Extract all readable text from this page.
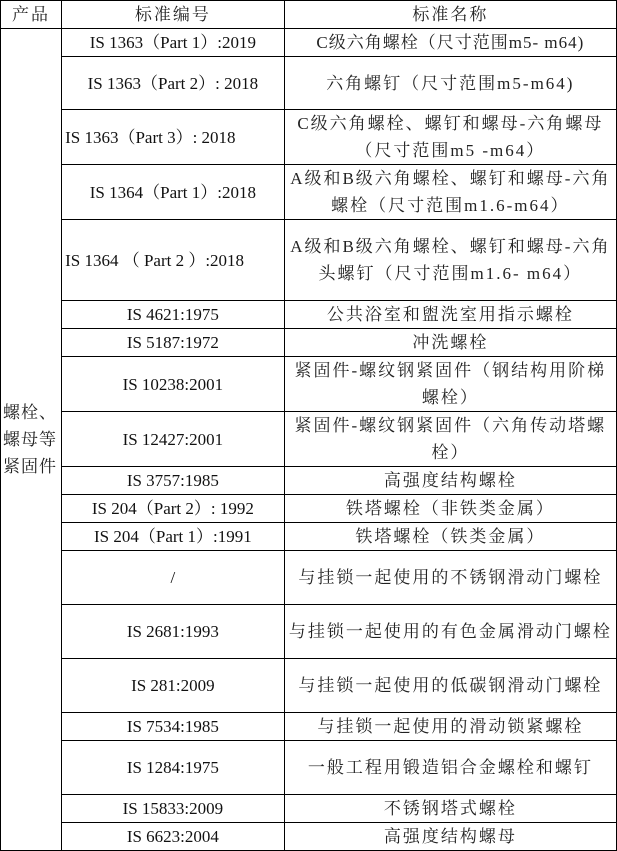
产品	标准编号	标准名称
螺栓、螺母等紧固件	IS 1363（Part 1）:2019	C级六角螺栓（尺寸范围m5- m64)
	IS 1363（Part 2）: 2018	六角螺钉（尺寸范围m5-m64)
	IS 1363（Part 3）: 2018	C级六角螺栓、螺钉和螺母-六角螺母（尺寸范围m5 -m64）
	IS 1364（Part 1）:2018	A级和B级六角螺栓、螺钉和螺母-六角螺栓（尺寸范围m1.6-m64）
	IS 1364 （ Part 2 ）:2018	A级和B级六角螺栓、螺钉和螺母-六角头螺钉（尺寸范围m1.6- m64）
	IS 4621:1975	公共浴室和盥洗室用指示螺栓
	IS 5187:1972	冲洗螺栓
	IS 10238:2001	紧固件-螺纹钢紧固件（钢结构用阶梯螺栓）
	IS 12427:2001	紧固件-螺纹钢紧固件（六角传动塔螺栓）
	IS 3757:1985	高强度结构螺栓
	IS 204（Part 2）: 1992	铁塔螺栓（非铁类金属）
	IS 204（Part 1）:1991	铁塔螺栓（铁类金属）
	/	与挂锁一起使用的不锈钢滑动门螺栓
	IS 2681:1993	与挂锁一起使用的有色金属滑动门螺栓
	IS 281:2009	与挂锁一起使用的低碳钢滑动门螺栓
	IS 7534:1985	与挂锁一起使用的滑动锁紧螺栓
	IS 1284:1975	一般工程用锻造铝合金螺栓和螺钉
	IS 15833:2009	不锈钢塔式螺栓
	IS 6623:2004	高强度结构螺母
